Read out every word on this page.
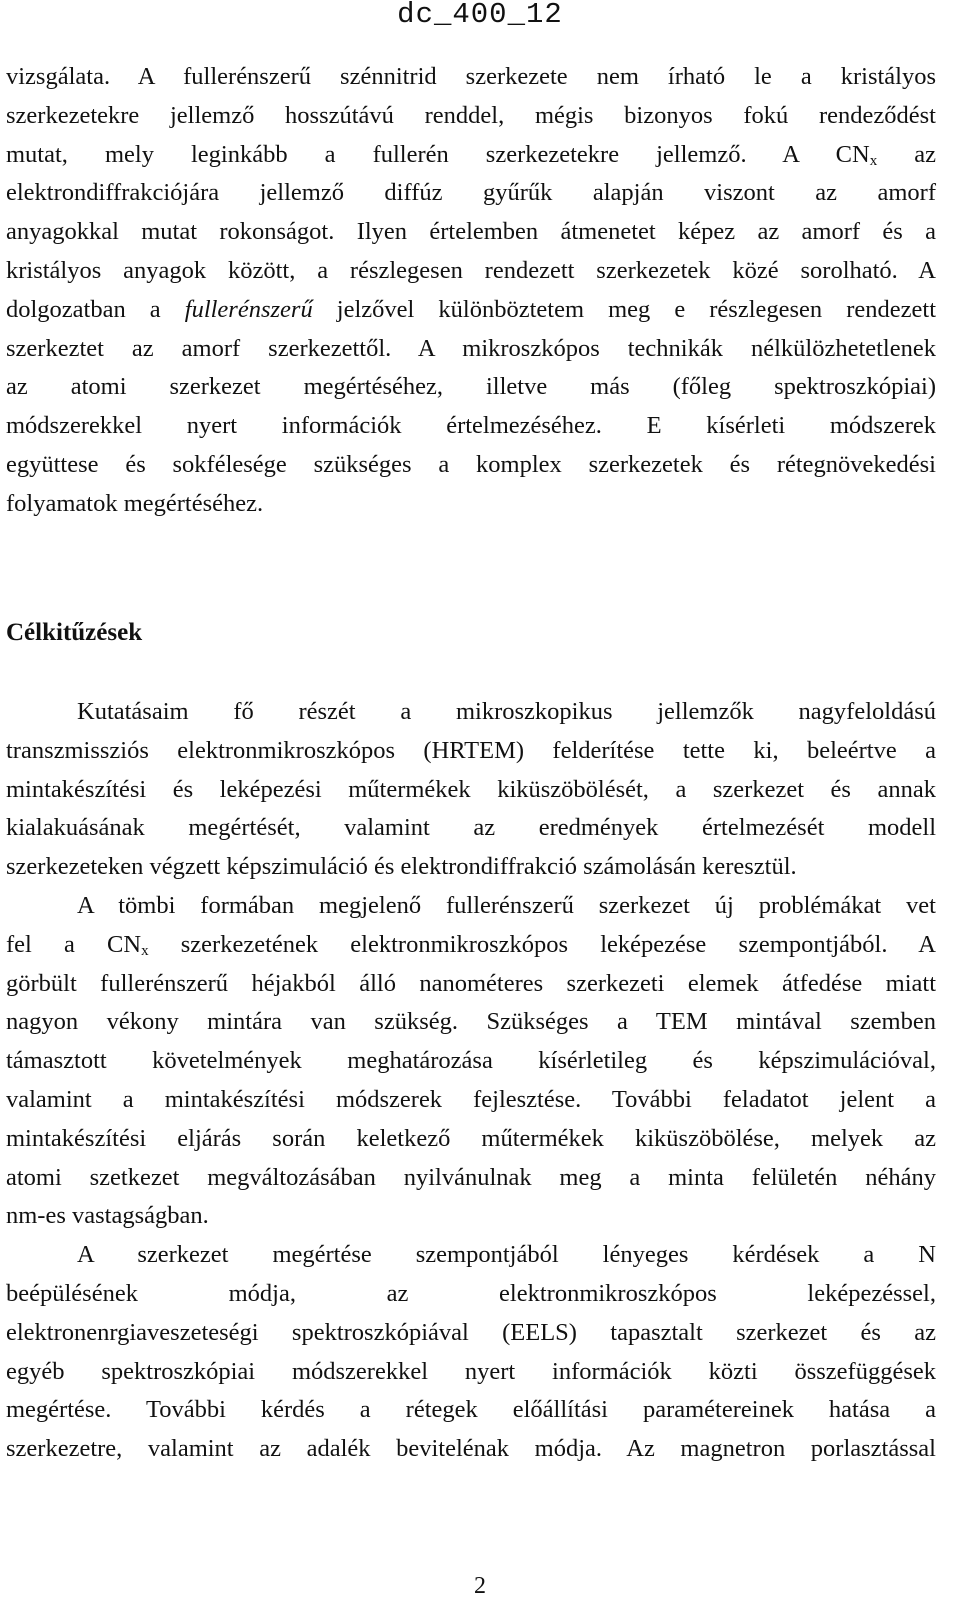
dc_400_12
vizsgálata. A fullerénszerű szénnitrid szerkezete nem írható le a kristályos
szerkezetekre jellemző hosszútávú renddel, mégis bizonyos fokú rendeződést
mutat, mely leginkább a fullerén szerkezetekre jellemző. A $CN_x$ az
elektrondiffrakciójára jellemző diffúz gyűrűk alapján viszont az amorf
anyagokkal mutat rokonságot. Ilyen értelemben átmenetet képez az amorf és a
kristályos anyagok között, a részlegesen rendezett szerkezetek közé sorolható. A
dolgozatban a fullerénszerű jelzővel különböztetem meg e részlegesen rendezett
szerkeztet az amorf szerkezettől. A mikroszkópos technikák nélkülözhetetlenek
az atomi szerkezet megértéséhez, illetve más (főleg spektroszkópiai)
módszerekkel nyert információk értelmezéséhez. E kísérleti módszerek
együttese és sokfélesége szükséges a komplex szerkezetek és rétegnövekedési
folyamatok megértéséhez.
Célkitűzések
Kutatásaim fő részét a mikroszkopikus jellemzők nagyfeloldású
transzmissziós elektronmikroszkópos (HRTEM) felderítése tette ki, beleértve a
mintakészítési és leképezési műtermékek kiküszöbölését, a szerkezet és annak
kialakuásának megértését, valamint az eredmények értelmezését modell
szerkezeteken végzett képszimuláció és elektrondiffrakció számolásán keresztül.
A tömbi formában megjelenő fullerénszerű szerkezet új problémákat vet
fel a $CN_x$ szerkezetének elektronmikroszkópos leképezése szempontjából. A
görbült fullerénszerű héjakból álló nanométeres szerkezeti elemek átfedése miatt
nagyon vékony mintára van szükség. Szükséges a TEM mintával szemben
támasztott követelmények meghatározása kísérletileg és képszimulációval,
valamint a mintakészítési módszerek fejlesztése. További feladatot jelent a
mintakészítési eljárás során keletkező műtermékek kiküszöbölése, melyek az
atomi szetkezet megváltozásában nyilvánulnak meg a minta felületén néhány
nm-es vastagságban.
A szerkezet megértése szempontjából lényeges kérdések a N
beépülésének módja, az elektronmikroszkópos leképezéssel,
elektronenrgiaveszeteségi spektroszkópiával (EELS) tapasztalt szerkezet és az
egyéb spektroszkópiai módszerekkel nyert információk közti összefüggések
megértése. További kérdés a rétegek előállítási paramétereinek hatása a
szerkezetre, valamint az adalék bevitelénak módja. Az magnetron porlasztással
2
